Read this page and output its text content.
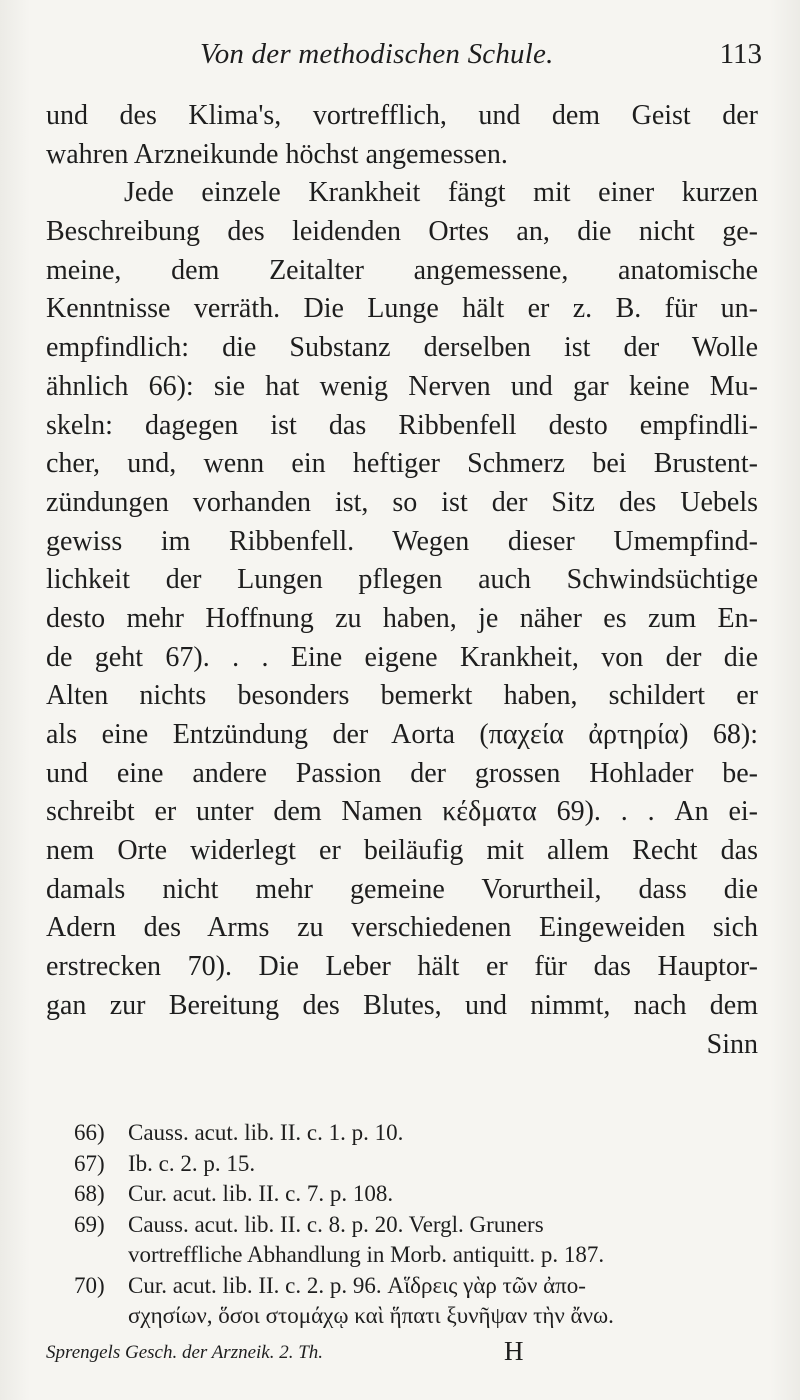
Von der methodischen Schule.	113
und des Klima's, vortrefflich, und dem Geist der
wahren Arzneikunde höchst angemessen.
Jede einzele Krankheit fängt mit einer kurzen
Beschreibung des leidenden Ortes an, die nicht ge-
meine, dem Zeitalter angemessene, anatomische
Kenntnisse verräth. Die Lunge hält er z. B. für un-
empfindlich: die Substanz derselben ist der Wolle
ähnlich 66): sie hat wenig Nerven und gar keine Mu-
skeln: dagegen ist das Ribbenfell desto empfindli-
cher, und, wenn ein heftiger Schmerz bei Brustent-
zündungen vorhanden ist, so ist der Sitz des Uebels
gewiss im Ribbenfell. Wegen dieser Umempfind-
lichkeit der Lungen pflegen auch Schwindsüchtige
desto mehr Hoffnung zu haben, je näher es zum En-
de geht 67). . . Eine eigene Krankheit, von der die
Alten nichts besonders bemerkt haben, schildert er
als eine Entzündung der Aorta (παχεία ἀρτηρία) 68):
und eine andere Passion der grossen Hohlader be-
schreibt er unter dem Namen κέδματα 69). . . An ei-
nem Orte widerlegt er beiläufig mit allem Recht das
damals nicht mehr gemeine Vorurtheil, dass die
Adern des Arms zu verschiedenen Eingeweiden sich
erstrecken 70). Die Leber hält er für das Hauptor-
gan zur Bereitung des Blutes, und nimmt, nach dem
Sinn
66) Causs. acut. lib. II. c. 1. p. 10.
67) Ib. c. 2. p. 15.
68) Cur. acut. lib. II. c. 7. p. 108.
69) Causs. acut. lib. II. c. 8. p. 20. Vergl. Gruners
vortreffliche Abhandlung in Morb. antiquitt. p. 187.
70) Cur. acut. lib. II. c. 2. p. 96. Αἵδρεις γὰρ τῶν ἀπο-
σχησίων, ὅσοι στομάχῳ καὶ ἥπατι ξυνῆψαν τὴν ἄνω.
Sprengels Gesch. der Arzneik. 2. Th.	H
